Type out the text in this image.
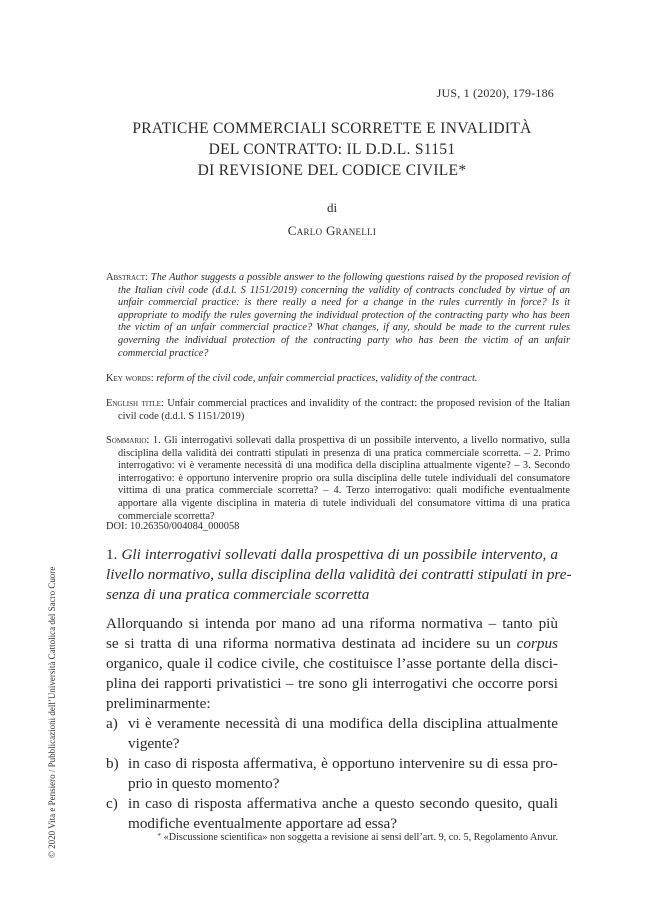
JUS, 1 (2020), 179-186
PRATICHE COMMERCIALI SCORRETTE E INVALIDITÀ
DEL CONTRATTO: IL D.D.L. S1151
DI REVISIONE DEL CODICE CIVILE*
di
Carlo Granelli
Abstract: The Author suggests a possible answer to the following questions raised by the proposed revision of the Italian civil code (d.d.l. S 1151/2019) concerning the validity of contracts concluded by virtue of an unfair commercial practice: is there really a need for a change in the rules currently in force? Is it appropriate to modify the rules governing the individual protection of the contracting party who has been the victim of an unfair commercial practice? What changes, if any, should be made to the current rules governing the individual protection of the contracting party who has been the victim of an unfair commercial practice?
Key words: reform of the civil code, unfair commercial practices, validity of the contract.
English title: Unfair commercial practices and invalidity of the contract: the proposed revision of the Italian civil code (d.d.l. S 1151/2019)
Sommario: 1. Gli interrogativi sollevati dalla prospettiva di un possibile intervento, a livello normativo, sulla disciplina della validità dei contratti stipulati in presenza di una pratica commerciale scorretta. – 2. Primo interrogativo: vi è veramente necessità di una modifica della disciplina attualmente vigente? – 3. Secondo interrogativo: è opportuno intervenire proprio ora sulla disciplina delle tutele individuali del consumatore vittima di una pratica commerciale scorretta? – 4. Terzo interrogativo: quali modifiche eventualmente apportare alla vigente disciplina in materia di tutele individuali del consumatore vittima di una pratica commerciale scorretta?
DOI: 10.26350/004084_000058
1. Gli interrogativi sollevati dalla prospettiva di un possibile intervento, a
livello normativo, sulla disciplina della validità dei contratti stipulati in pre-
senza di una pratica commerciale scorretta
Allorquando si intenda por mano ad una riforma normativa – tanto più
se si tratta di una riforma normativa destinata ad incidere su un corpus
organico, quale il codice civile, che costituisce l’asse portante della disci-
plina dei rapporti privatistici – tre sono gli interrogativi che occorre porsi
preliminarmente:
a) vi è veramente necessità di una modifica della disciplina attualmente
vigente?
b) in caso di risposta affermativa, è opportuno intervenire su di essa pro-
prio in questo momento?
c) in caso di risposta affermativa anche a questo secondo quesito, quali
modifiche eventualmente apportare ad essa?
* «Discussione scientifica» non soggetta a revisione ai sensi dell’art. 9, co. 5, Regolamento Anvur.
© 2020 Vita e Pensiero / Pubblicazioni dell’Università Cattolica del Sacro Cuore
